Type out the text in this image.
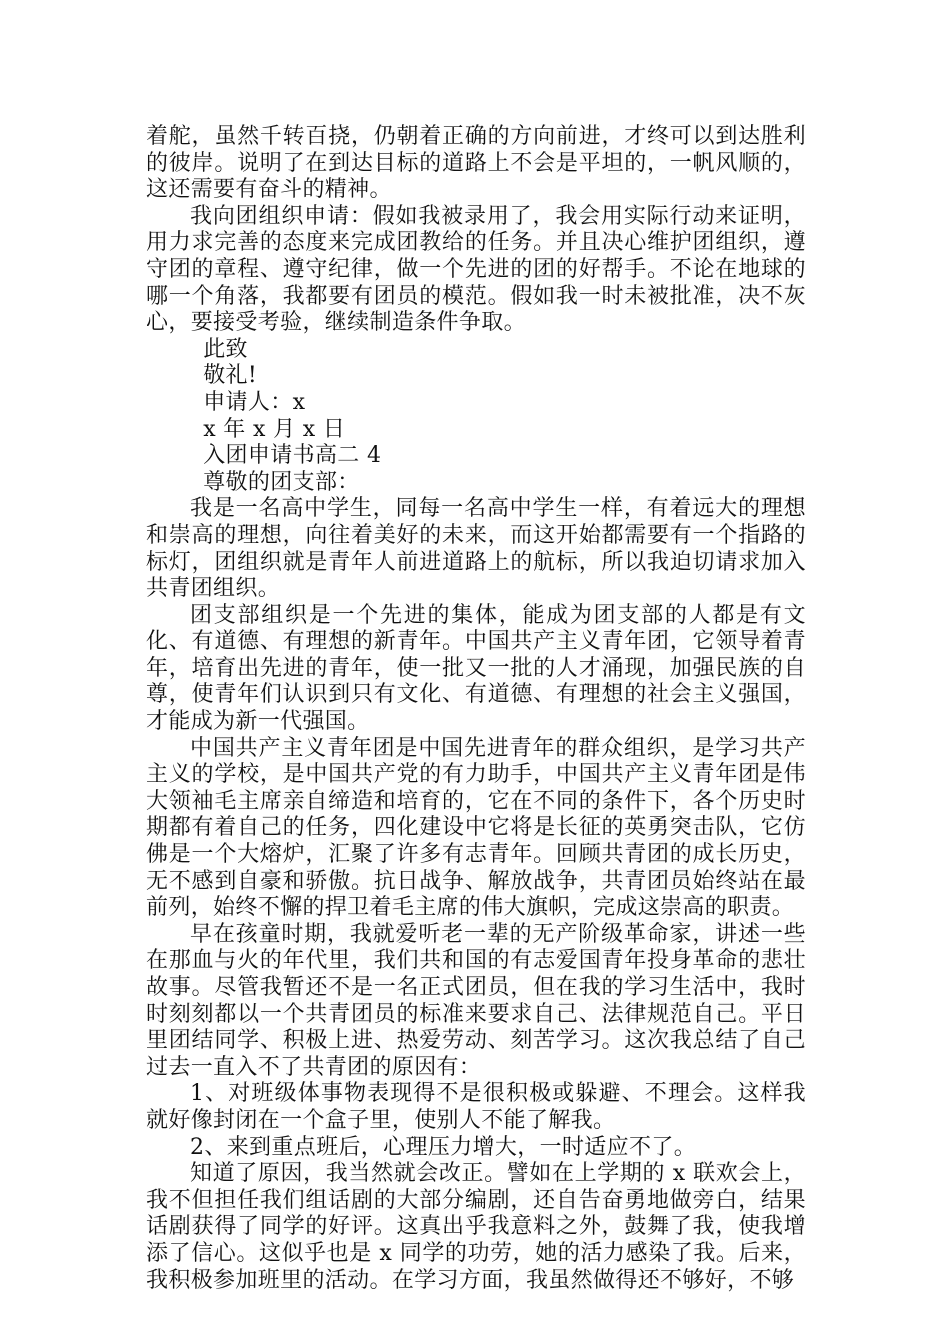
着舵，虽然千转百挠，仍朝着正确的方向前进，才终可以到达胜利的彼岸。说明了在到达目标的道路上不会是平坦的，一帆风顺的，这还需要有奋斗的精神。

我向团组织申请：假如我被录用了，我会用实际行动来证明，用力求完善的态度来完成团教给的任务。并且决心维护团组织，遵守团的章程、遵守纪律，做一个先进的团的好帮手。不论在地球的哪一个角落，我都要有团员的模范。假如我一时未被批准，决不灰心，要接受考验，继续制造条件争取。

此致

敬礼!

申请人：x

x 年 x 月 x 日

入团申请书高二 4

尊敬的团支部：

我是一名高中学生，同每一名高中学生一样，有着远大的理想和崇高的理想，向往着美好的未来，而这开始都需要有一个指路的标灯，团组织就是青年人前进道路上的航标，所以我迫切请求加入共青团组织。

团支部组织是一个先进的集体，能成为团支部的人都是有文化、有道德、有理想的新青年。中国共产主义青年团，它领导着青年，培育出先进的青年，使一批又一批的人才涌现，加强民族的自尊，使青年们认识到只有文化、有道德、有理想的社会主义强国，才能成为新一代强国。

中国共产主义青年团是中国先进青年的群众组织，是学习共产主义的学校，是中国共产党的有力助手，中国共产主义青年团是伟大领袖毛主席亲自缔造和培育的，它在不同的条件下，各个历史时期都有着自己的任务，四化建设中它将是长征的英勇突击队，它仿佛是一个大熔炉，汇聚了许多有志青年。回顾共青团的成长历史，无不感到自豪和骄傲。抗日战争、解放战争，共青团员始终站在最前列，始终不懈的捍卫着毛主席的伟大旗帜，完成这崇高的职责。

早在孩童时期，我就爱听老一辈的无产阶级革命家，讲述一些在那血与火的年代里，我们共和国的有志爱国青年投身革命的悲壮故事。尽管我暂还不是一名正式团员，但在我的学习生活中，我时时刻刻都以一个共青团员的标准来要求自己、法律规范自己。平日里团结同学、积极上进、热爱劳动、刻苦学习。这次我总结了自己过去一直入不了共青团的原因有：

1、对班级体事物表现得不是很积极或躲避、不理会。这样我就好像封闭在一个盒子里，使别人不能了解我。

2、来到重点班后，心理压力增大，一时适应不了。

知道了原因，我当然就会改正。譬如在上学期的 x 联欢会上，我不但担任我们组话剧的大部分编剧，还自告奋勇地做旁白，结果话剧获得了同学的好评。这真出乎我意料之外，鼓舞了我，使我增添了信心。这似乎也是 x 同学的功劳，她的活力感染了我。后来，我积极参加班里的活动。在学习方面，我虽然做得还不够好，不够
